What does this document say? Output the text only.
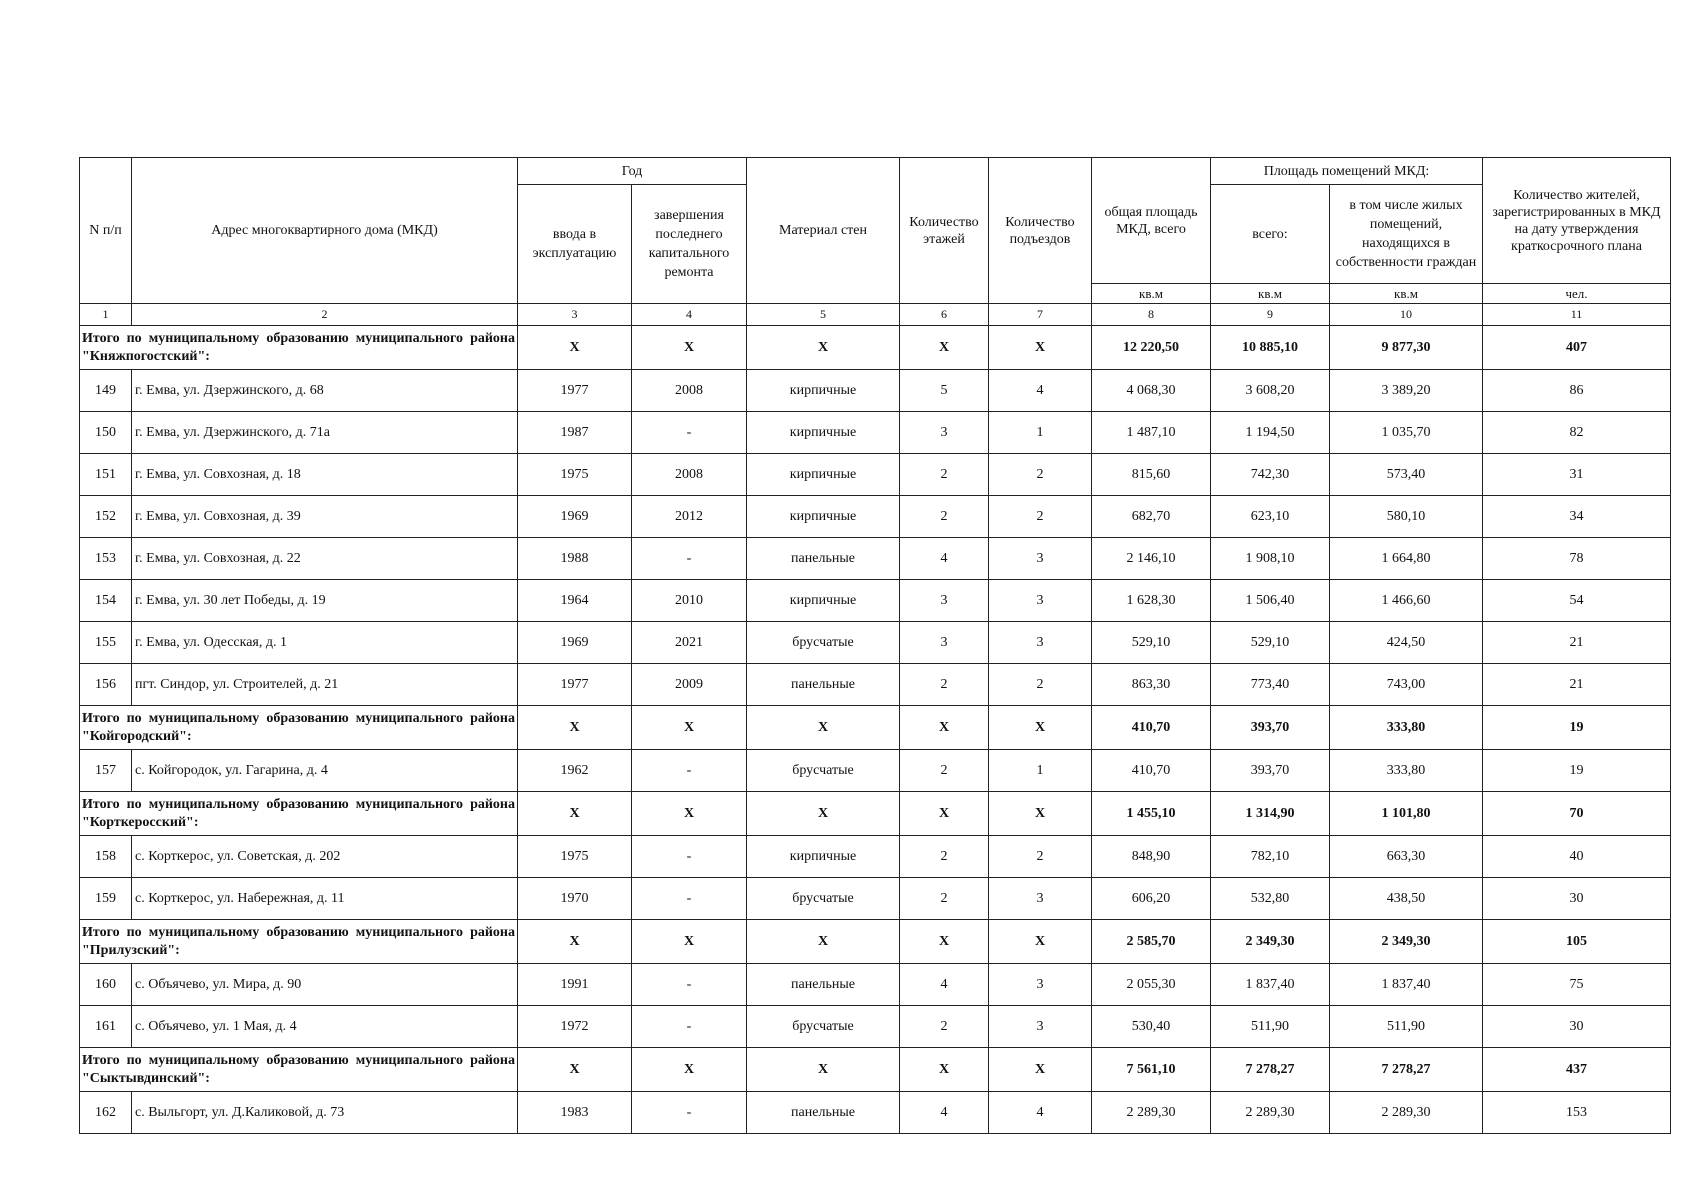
N п/п	Адрес многоквартирного дома (МКД)	Год		Материал стен	Количество этажей	Количество подъездов	общая площадь МКД, всего	Площадь помещений МКД:		Количество жителей, зарегистрированных в МКД на дату утверждения краткосрочного плана
		ввода в эксплуатацию	завершения последнего капитального ремонта					всего:	в том числе жилых помещений, находящихся в собственности граждан	
							кв.м	кв.м	кв.м	чел.
1	2	3	4	5	6	7	8	9	10	11
Итого по муниципальному образованию муниципального района "Княжпогостский":		Х	Х	Х	Х	Х	12 220,50	10 885,10	9 877,30	407
149	г. Емва, ул. Дзержинского, д. 68	1977	2008	кирпичные	5	4	4 068,30	3 608,20	3 389,20	86
150	г. Емва, ул. Дзержинского, д. 71а	1987	-	кирпичные	3	1	1 487,10	1 194,50	1 035,70	82
151	г. Емва, ул. Совхозная, д. 18	1975	2008	кирпичные	2	2	815,60	742,30	573,40	31
152	г. Емва, ул. Совхозная, д. 39	1969	2012	кирпичные	2	2	682,70	623,10	580,10	34
153	г. Емва, ул. Совхозная, д. 22	1988	-	панельные	4	3	2 146,10	1 908,10	1 664,80	78
154	г. Емва, ул. 30 лет Победы, д. 19	1964	2010	кирпичные	3	3	1 628,30	1 506,40	1 466,60	54
155	г. Емва, ул. Одесская, д. 1	1969	2021	брусчатые	3	3	529,10	529,10	424,50	21
156	пгт. Синдор, ул. Строителей, д. 21	1977	2009	панельные	2	2	863,30	773,40	743,00	21
Итого по муниципальному образованию муниципального района "Койгородский":		Х	Х	Х	Х	Х	410,70	393,70	333,80	19
157	с. Койгородок, ул. Гагарина, д. 4	1962	-	брусчатые	2	1	410,70	393,70	333,80	19
Итого по муниципальному образованию муниципального района "Корткеросский":		Х	Х	Х	Х	Х	1 455,10	1 314,90	1 101,80	70
158	с. Корткерос, ул. Советская, д. 202	1975	-	кирпичные	2	2	848,90	782,10	663,30	40
159	с. Корткерос, ул. Набережная, д. 11	1970	-	брусчатые	2	3	606,20	532,80	438,50	30
Итого по муниципальному образованию муниципального района "Прилузский":		Х	Х	Х	Х	Х	2 585,70	2 349,30	2 349,30	105
160	с. Объячево, ул. Мира, д. 90	1991	-	панельные	4	3	2 055,30	1 837,40	1 837,40	75
161	с. Объячево, ул. 1 Мая, д. 4	1972	-	брусчатые	2	3	530,40	511,90	511,90	30
Итого по муниципальному образованию муниципального района "Сыктывдинский":		Х	Х	Х	Х	Х	7 561,10	7 278,27	7 278,27	437
162	с. Выльгорт, ул. Д.Каликовой, д. 73	1983	-	панельные	4	4	2 289,30	2 289,30	2 289,30	153
